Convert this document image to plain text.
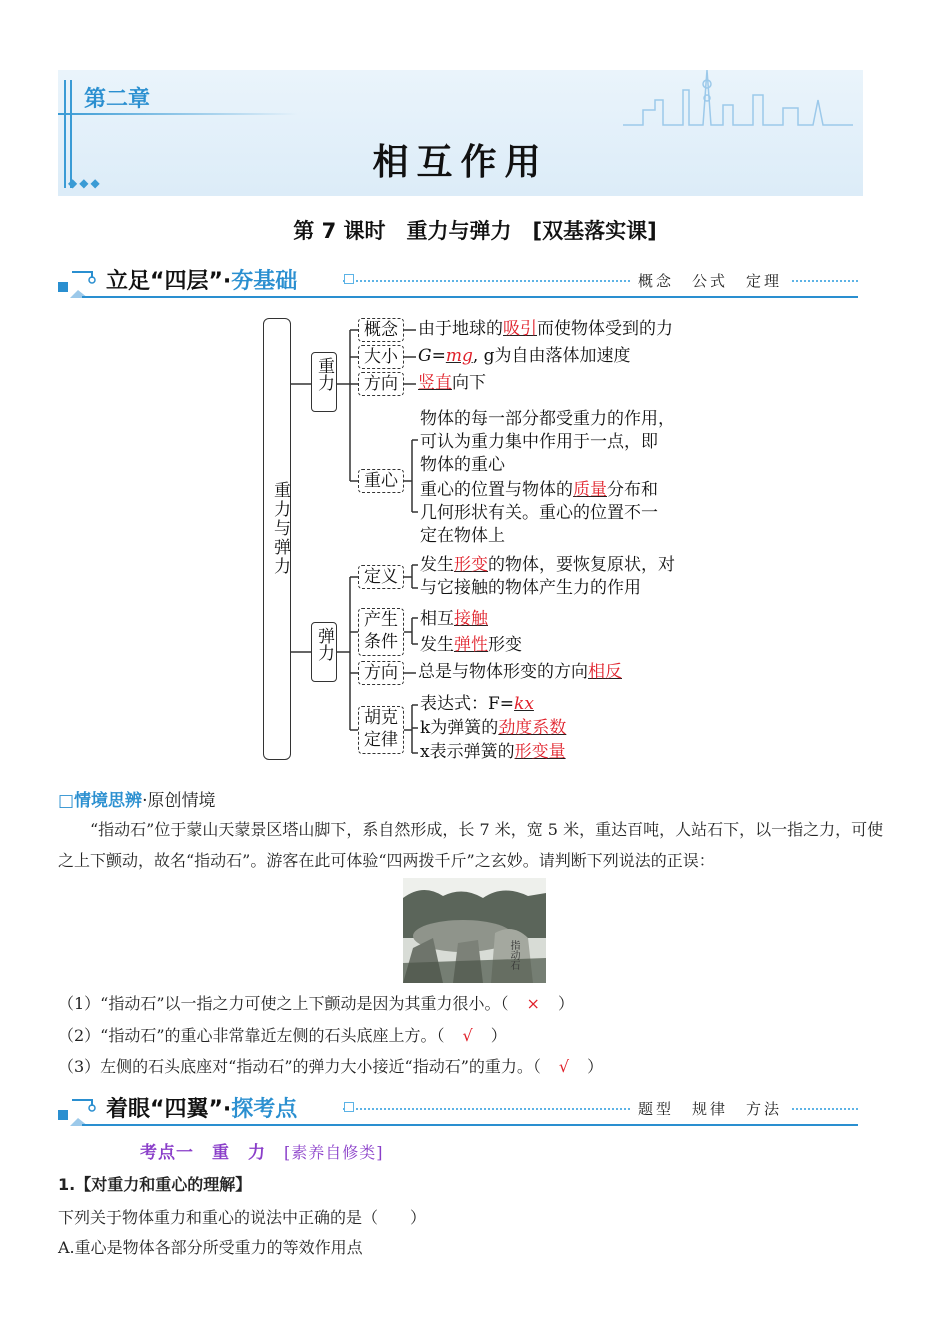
第二章
相互作用
◆◆◆
第 7 课时　重力与弹力　[双基落实课]
立足“四层”·夯基础	概念　公式　定理
重力与弹力
重力
概念
大小
方向
重心
由于地球的吸引而使物体受到的力
G=mg, g为自由落体加速度
竖直向下
物体的每一部分都受重力的作用，
可认为重力集中作用于一点，即
物体的重心
重心的位置与物体的质量分布和
几何形状有关。重心的位置不一
定在物体上
弹力
定义
产生
条件
方向
胡克
定律
发生形变的物体，要恢复原状，对
与它接触的物体产生力的作用
相互接触
发生弹性形变
总是与物体形变的方向相反
表达式：F=kx
k为弹簧的劲度系数
x表示弹簧的形变量
□情境思辨·原创情境
“指动石”位于蒙山天蒙景区塔山脚下，系自然形成，长 7 米，宽 5 米，重达百吨，人站石下，以一指之力，可使之上下颤动，故名“指动石”。游客在此可体验“四两拨千斤”之玄妙。请判断下列说法的正误：
指动石
（1）“指动石”以一指之力可使之上下颤动是因为其重力很小。（ × ）
（2）“指动石”的重心非常靠近左侧的石头底座上方。（ √ ）
（3）左侧的石头底座对“指动石”的弹力大小接近“指动石”的重力。（ √ ）
着眼“四翼”·探考点	题型　规律　方法
考点一　重　力　 [素养自修类]
1.【对重力和重心的理解】
下列关于物体重力和重心的说法中正确的是（　　）
A.重心是物体各部分所受重力的等效作用点
